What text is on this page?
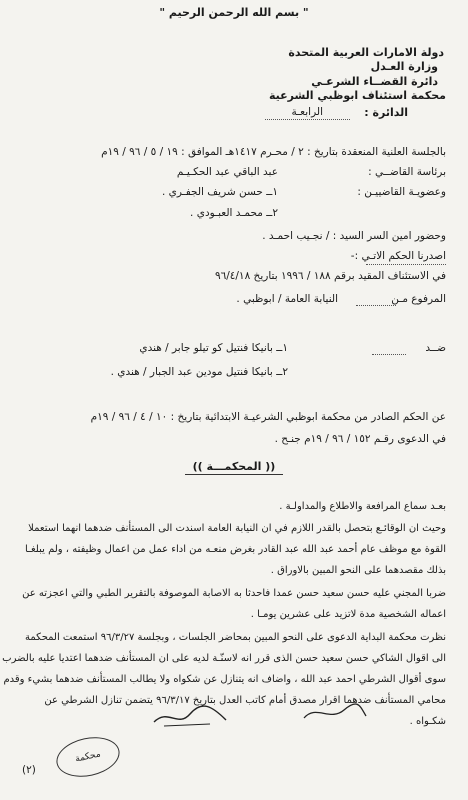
" بسم الله الرحمن الرحيم "
دولة الامارات العربية المتحدة
وزارة العـدل
دائرة القضــاء الشرعـي
محكمة استئناف ابوظبي الشرعية
الدائرة :
الرابعـة
بالجلسة العلنية المنعقدة بتاريخ : ٢ / محـرم ١٤١٧هـ الموافق : ١٩ / ٥ / ٩٦ / ١٩م
برئاسة القاضــي :
عبد الباقي عبد الحكـيـم
وعضويـة القاضييـن :
١ــ حسن شريف الجفـري .
٢ــ محمـد العبـودي .
وحضور امين السر السيد : / نجـيب احمـد .
اصدرنا الحكم الاتـي :-
في الاستئناف المقيد برقم ١٨٨ / ١٩٩٦ بتاريخ ٩٦/٤/١٨
المرفوع مـن
النيابة العامة / ابوظبي .
ضــد
١ــ بانيكا فنتيل كو تيلو جابر / هندي
٢ــ بانيكا فنتيل مودين عبد الجبار / هندي .
عن الحكم الصادر من محكمة ابوظبي الشرعيـة الابتدائية بتاريخ : ١٠ / ٤ / ٩٦ / ١٩م
في الدعوى رقـم ١٥٢ / ٩٦ / ١٩م جنـح .
(( المحكمـــة ))
بعـد سماع المرافعة والاطلاع والمداولـة .
وحيث ان الوقائـع بتحصل بالقدر اللازم في ان النيابة العامة اسندت الى المستأنف ضدهما انهما استعملا
القوة مع موظف عام أحمد عبد الله عبد القادر بغرض منعـه من اداء عمل من اعمال وظيفته ، ولم يبلغـا
بذلك مقصدهما على النحو المبين بالاوراق .
ضربا المجني عليه حسن سعيد حسن عمدا فاحدثا به الاصابة الموصوفة بالتقرير الطبي والتي اعجزته عن
اعماله الشخصية مدة لاتزيد على عشرين يومـا .
نظرت محكمة البداية الدعوى على النحو المبين بمحاضر الجلسات ، وبجلسة ٩٦/٣/٢٧ استمعت المحكمة
الى اقوال الشاكي حسن سعيد حسن الذى قرر انه لاسنّـة لديه على ان المستأنف ضدهما اعتديا عليه بالضرب
سوى أقوال الشرطي احمد عبد الله ، واضاف انه يتنازل عن شكواه ولا يطالب المستأنف ضدهما بشيء وقدم
محامي المستأنف ضدهما اقرار مصدق أمام كاتب العدل بتاريخ ٩٦/٣/١٧ يتضمن تنازل الشرطي عن
شكـواه .
محكمة
(٢)
